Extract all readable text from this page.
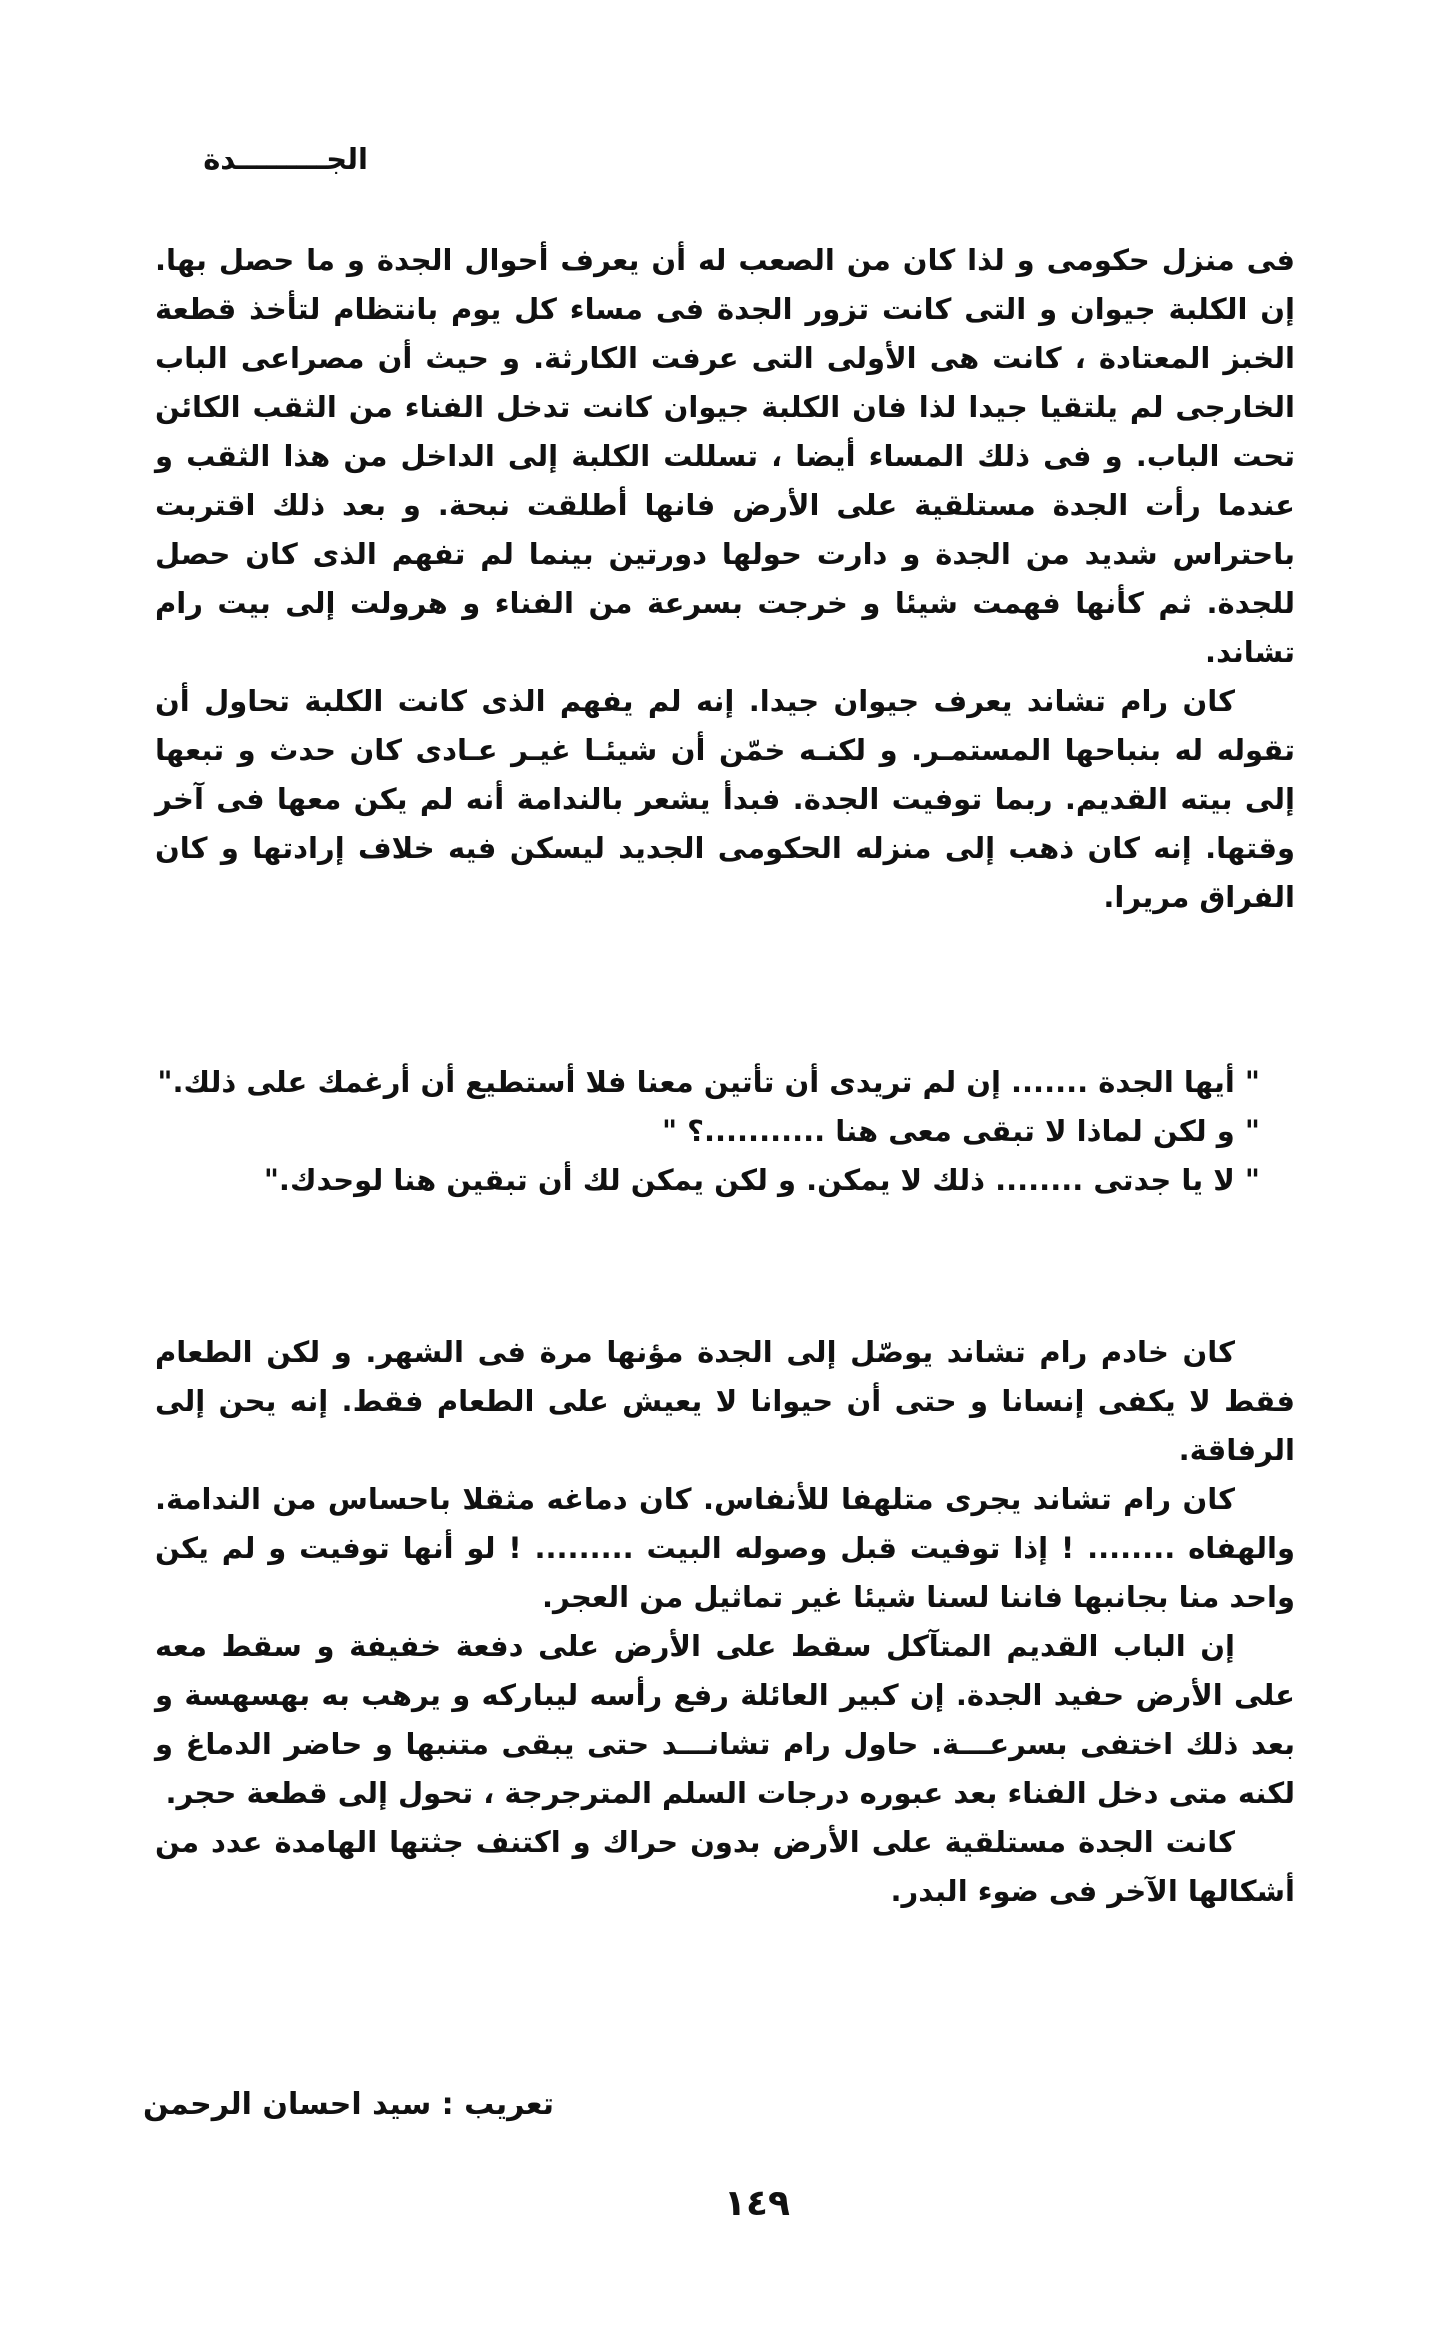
الجـــــــــدة

فى منزل حكومى و لذا كان من الصعب له أن يعرف أحوال الجدة و ما حصل بها. إن الكلبة جيوان و التى كانت تزور الجدة فى مساء كل يوم بانتظام لتأخذ قطعة الخبز المعتادة ، كانت هى الأولى التى عرفت الكارثة. و حيث أن مصراعى الباب الخارجى لم يلتقيا جيدا لذا فان الكلبة جيوان كانت تدخل الفناء من الثقب الكائن تحت الباب. و فى ذلك المساء أيضا ، تسللت الكلبة إلى الداخل من هذا الثقب و عندما رأت الجدة مستلقية على الأرض فانها أطلقت نبحة. و بعد ذلك اقتربت باحتراس شديد من الجدة و دارت حولها دورتين بينما لم تفهم الذى كان حصل للجدة. ثم كأنها فهمت شيئا و خرجت بسرعة من الفناء و هرولت إلى بيت رام تشاند.

كان رام تشاند يعرف جيوان جيدا. إنه لم يفهم الذى كانت الكلبة تحاول أن تقوله له بنباحها المستمـر. و لكنـه خمّن أن شيئـا غيـر عـادى كان حدث و تبعها إلى بيته القديم. ربما توفيت الجدة. فبدأ يشعر بالندامة أنه لم يكن معها فى آخر وقتها. إنه كان ذهب إلى منزله الحكومى الجديد ليسكن فيه خلاف إرادتها و كان الفراق مريرا.

" أيها الجدة ....... إن لم تريدى أن تأتين معنا فلا أستطيع أن أرغمك على ذلك."

" و لكن لماذا لا تبقى معى هنا ...........؟ "

" لا يا جدتى ........ ذلك لا يمكن. و لكن يمكن لك أن تبقين هنا لوحدك."

كان خادم رام تشاند يوصّل إلى الجدة مؤنها مرة فى الشهر. و لكن الطعام فقط لا يكفى إنسانا و حتى أن حيوانا لا يعيش على الطعام فقط. إنه يحن إلى الرفاقة.

كان رام تشاند يجرى متلهفا للأنفاس. كان دماغه مثقلا باحساس من الندامة. والهفاه ........ ! إذا توفيت قبل وصوله البيت ......... ! لو أنها توفيت و لم يكن واحد منا بجانبها فاننا لسنا شيئا غير تماثيل من العجر.

إن الباب القديم المتآكل سقط على الأرض على دفعة خفيفة و سقط معه على الأرض حفيد الجدة. إن كبير العائلة رفع رأسه ليباركه و يرهب به بهسهسة و بعد ذلك اختفى بسرعـــة. حاول رام تشانـــد حتى يبقى متنبها و حاضر الدماغ و لكنه متى دخل الفناء بعد عبوره درجات السلم المترجرجة ، تحول إلى قطعة حجر.

كانت الجدة مستلقية على الأرض بدون حراك و اكتنف جثتها الهامدة عدد من أشكالها الآخر فى ضوء البدر.

تعريب : سيد احسان الرحمن
١٤٩
